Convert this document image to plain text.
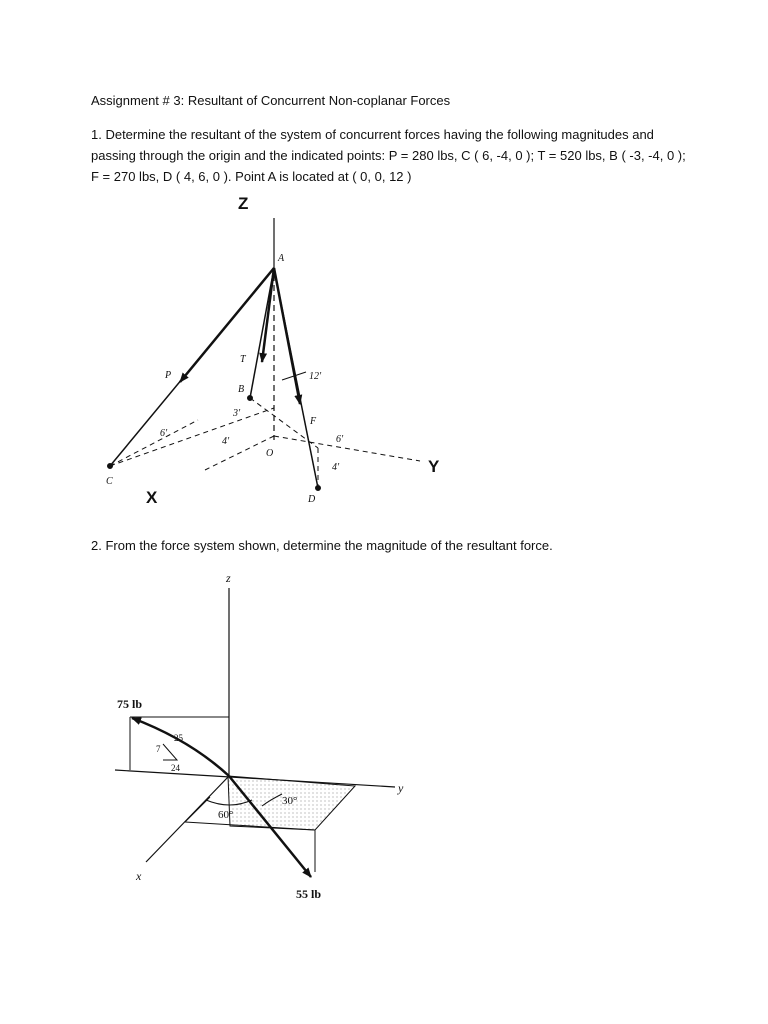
Assignment # 3: Resultant of Concurrent Non-coplanar Forces
1. Determine the resultant of the system of concurrent forces having the following magnitudes and passing through the origin and the indicated points: P = 280 lbs, C ( 6, -4, 0 ); T = 520 lbs, B ( -3, -4, 0 ); F = 270 lbs, D ( 4, 6, 0 ). Point A is located at ( 0, 0, 12 )
2. From the force system shown, determine the magnitude of the resultant force.
Z
X
Y
A
B
C
D
O
P
T
F
12'
6'
4'
3'
6'
4'
z
x
y
75 lb
55 lb
25
7
24
60°
30°
